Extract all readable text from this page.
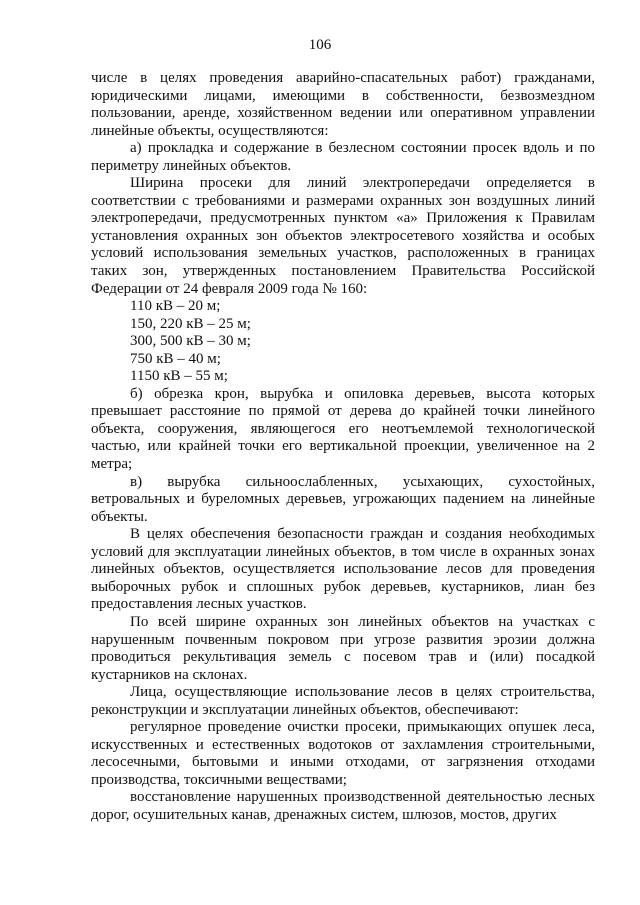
106

числе в целях проведения аварийно-спасательных работ) гражданами, юридическими лицами, имеющими в собственности, безвозмездном пользовании, аренде, хозяйственном ведении или оперативном управлении линейные объекты, осуществляются:

а) прокладка и содержание в безлесном состоянии просек вдоль и по периметру линейных объектов.

Ширина просеки для линий электропередачи определяется в соответствии с требованиями и размерами охранных зон воздушных линий электропередачи, предусмотренных пунктом «а» Приложения к Правилам установления охранных зон объектов электросетевого хозяйства и особых условий использования земельных участков, расположенных в границах таких зон, утвержденных постановлением Правительства Российской Федерации от 24 февраля 2009 года № 160:

110 кВ – 20 м;

150, 220 кВ – 25 м;

300, 500 кВ – 30 м;

750 кВ – 40 м;

1150 кВ – 55 м;

б) обрезка крон, вырубка и опиловка деревьев, высота которых превышает расстояние по прямой от дерева до крайней точки линейного объекта, сооружения, являющегося его неотъемлемой технологической частью, или крайней точки его вертикальной проекции, увеличенное на 2 метра;

в) вырубка сильноослабленных, усыхающих, сухостойных, ветровальных и буреломных деревьев, угрожающих падением на линейные объекты.

В целях обеспечения безопасности граждан и создания необходимых условий для эксплуатации линейных объектов, в том числе в охранных зонах линейных объектов, осуществляется использование лесов для проведения выборочных рубок и сплошных рубок деревьев, кустарников, лиан без предоставления лесных участков.

По всей ширине охранных зон линейных объектов на участках с нарушенным почвенным покровом при угрозе развития эрозии должна проводиться рекультивация земель с посевом трав и (или) посадкой кустарников на склонах.

Лица, осуществляющие использование лесов в целях строительства, реконструкции и эксплуатации линейных объектов, обеспечивают:

регулярное проведение очистки просеки, примыкающих опушек леса, искусственных и естественных водотоков от захламления строительными, лесосечными, бытовыми и иными отходами, от загрязнения отходами производства, токсичными веществами;

восстановление нарушенных производственной деятельностью лесных дорог, осушительных канав, дренажных систем, шлюзов, мостов, других
